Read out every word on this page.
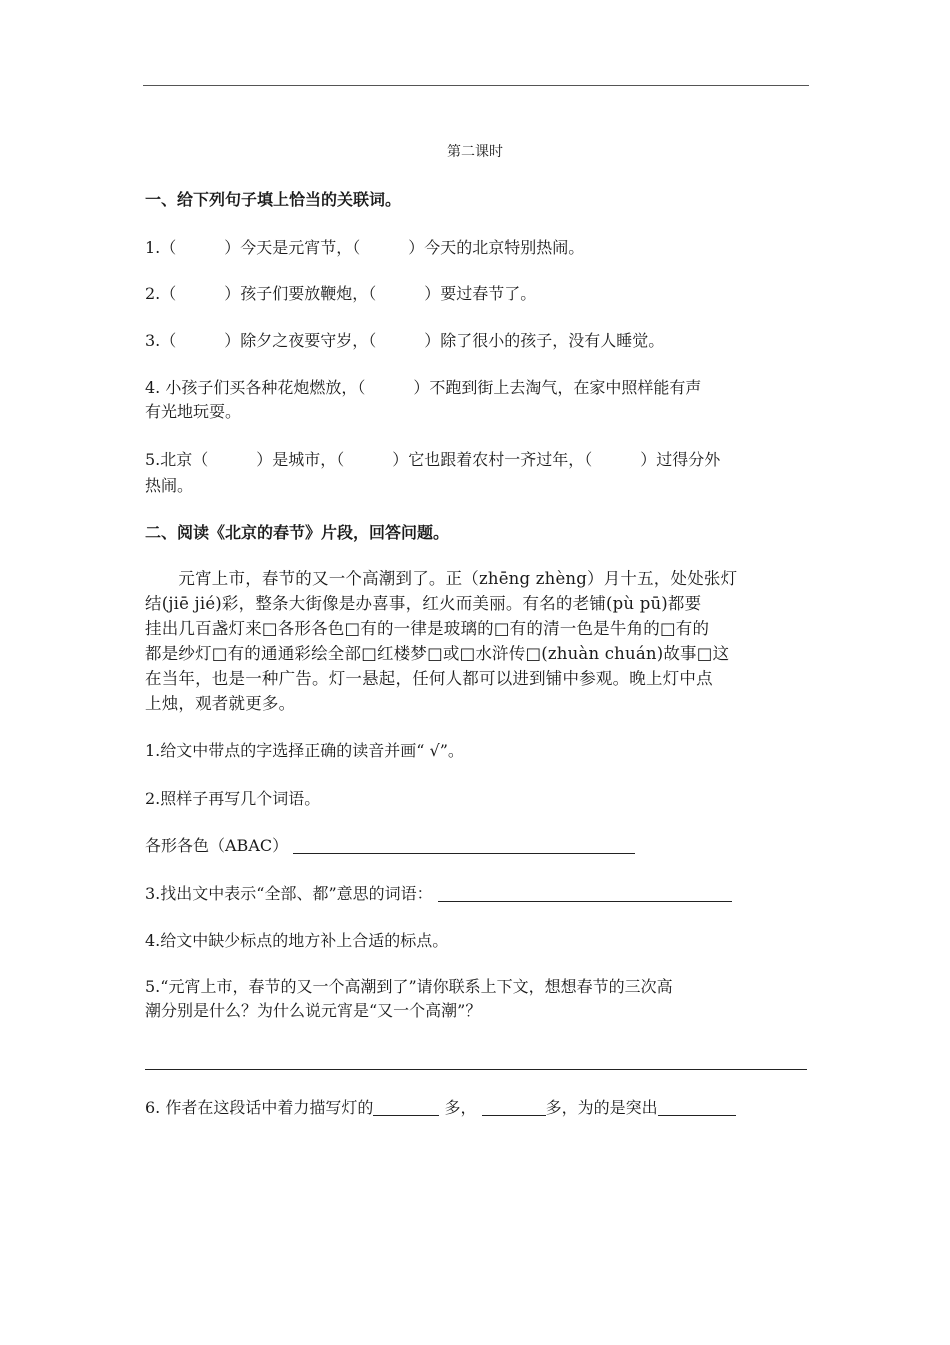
第二课时
一、给下列句子填上恰当的关联词。
1.（　　　）今天是元宵节，（　　　）今天的北京特别热闹。
2.（　　　）孩子们要放鞭炮，（　　　）要过春节了。
3.（　　　）除夕之夜要守岁，（　　　）除了很小的孩子，没有人睡觉。
4. 小孩子们买各种花炮燃放，（　　　）不跑到街上去淘气，在家中照样能有声
有光地玩耍。
5.北京（　　　）是城市，（　　　）它也跟着农村一齐过年，（　　　）过得分外
热闹。
二、阅读《北京的春节》片段，回答问题。
　　元宵上市，春节的又一个高潮到了。正（zhēng zhèng）月十五，处处张灯
结(jiē jié)彩，整条大街像是办喜事，红火而美丽。有名的老铺(pù pū)都要
挂出几百盏灯来□各形各色□有的一律是玻璃的□有的清一色是牛角的□有的
都是纱灯□有的通通彩绘全部□红楼梦□或□水浒传□(zhuàn chuán)故事□这
在当年，也是一种广告。灯一悬起，任何人都可以进到铺中参观。晚上灯中点
上烛，观者就更多。
1.给文中带点的字选择正确的读音并画“ √”。
2.照样子再写几个词语。
各形各色（ABAC）
3.找出文中表示“全部、都”意思的词语：
4.给文中缺少标点的地方补上合适的标点。
5.“元宵上市，春节的又一个高潮到了”请你联系上下文，想想春节的三次高
潮分别是什么？为什么说元宵是“又一个高潮”？
6. 作者在这段话中着力描写灯的	多，	多，为的是突出
